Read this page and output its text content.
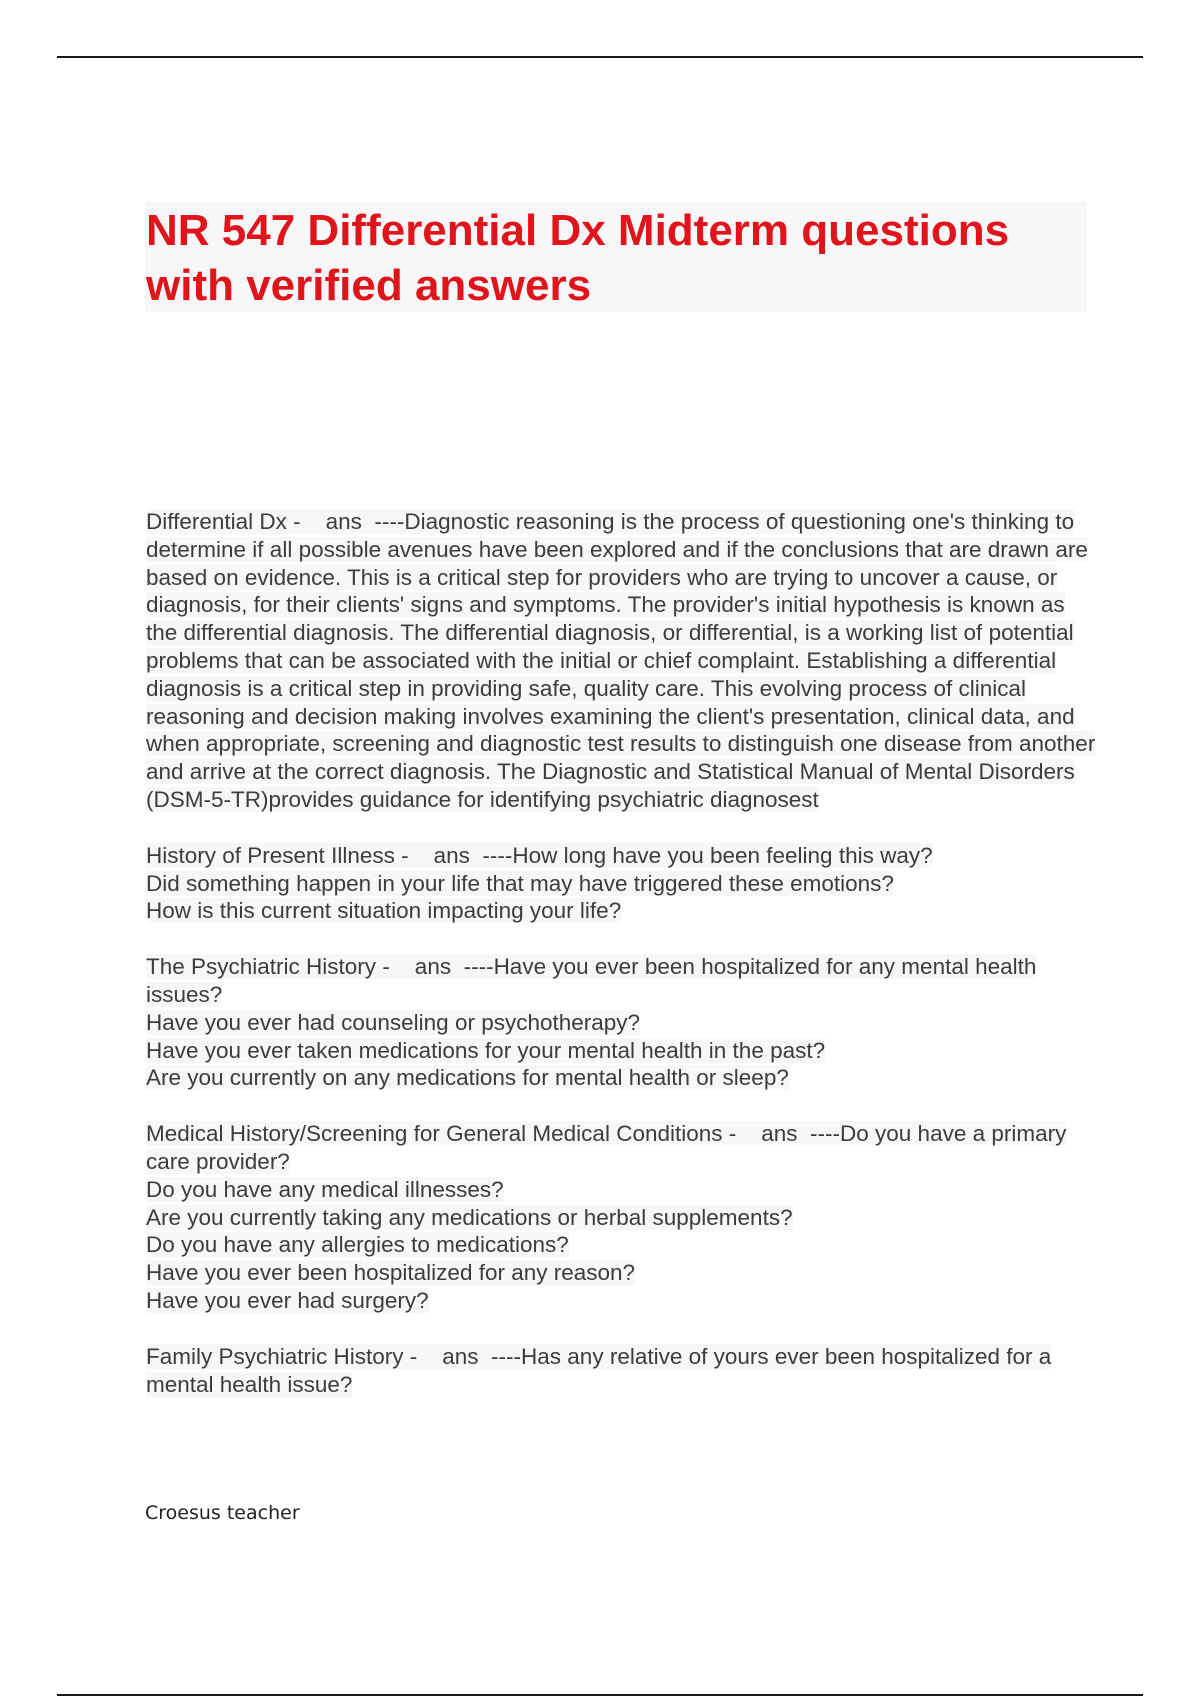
NR 547 Differential Dx Midterm questions with verified answers

Differential Dx -    ans  ----Diagnostic reasoning is the process of questioning one's thinking to determine if all possible avenues have been explored and if the conclusions that are drawn are based on evidence. This is a critical step for providers who are trying to uncover a cause, or diagnosis, for their clients' signs and symptoms. The provider's initial hypothesis is known as the differential diagnosis. The differential diagnosis, or differential, is a working list of potential problems that can be associated with the initial or chief complaint. Establishing a differential diagnosis is a critical step in providing safe, quality care. This evolving process of clinical reasoning and decision making involves examining the client's presentation, clinical data, and when appropriate, screening and diagnostic test results to distinguish one disease from another and arrive at the correct diagnosis. The Diagnostic and Statistical Manual of Mental Disorders (DSM-5-TR)provides guidance for identifying psychiatric diagnosest

History of Present Illness -    ans  ----How long have you been feeling this way?
Did something happen in your life that may have triggered these emotions?
How is this current situation impacting your life?

The Psychiatric History -    ans  ----Have you ever been hospitalized for any mental health issues?
Have you ever had counseling or psychotherapy?
Have you ever taken medications for your mental health in the past?
Are you currently on any medications for mental health or sleep?

Medical History/Screening for General Medical Conditions -    ans  ----Do you have a primary care provider?
Do you have any medical illnesses?
Are you currently taking any medications or herbal supplements?
Do you have any allergies to medications?
Have you ever been hospitalized for any reason?
Have you ever had surgery?

Family Psychiatric History -    ans  ----Has any relative of yours ever been hospitalized for a mental health issue?

Croesus teacher
